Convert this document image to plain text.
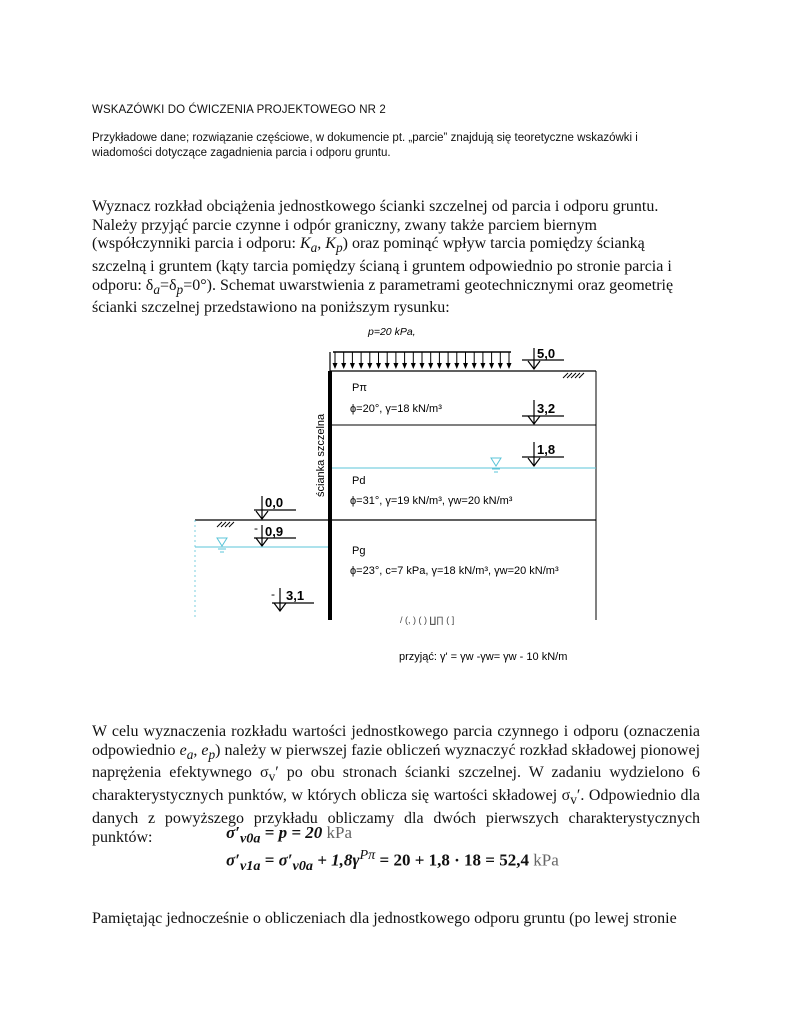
WSKAZÓWKI DO ĆWICZENIA PROJEKTOWEGO NR 2
Przykładowe dane; rozwiązanie częściowe, w dokumencie pt. „parcie” znajdują się teoretyczne wskazówki i wiadomości dotyczące zagadnienia parcia i odporu gruntu.
Wyznacz rozkład obciążenia jednostkowego ścianki szczelnej od parcia i odporu gruntu. Należy przyjąć parcie czynne i odpór graniczny, zwany także parciem biernym (współczynniki parcia i odporu: $K_a$, $K_p$) oraz pominąć wpływ tarcia pomiędzy ścianką szczelną i gruntem (kąty tarcia pomiędzy ścianą i gruntem odpowiednio po stronie parcia i odporu: $\delta_a=\delta_p=0^\circ$). Schemat uwarstwienia z parametrami geotechnicznymi oraz geometrię ścianki szczelnej przedstawiono na poniższym rysunku:
p=20 kPa,
5,0
Pπ
ϕ=20°, γ=18 kN/m³	3,2
1,8
Pd
ϕ=31°, γ=19 kN/m³, γw=20 kN/m³
0,0
- 0,9
Pg
ϕ=23°, c=7 kPa, γ=18 kN/m³, γw=20 kN/m³
- 3,1
ścianka szczelna
/ (, ) ( ) ∐∏ ( ]
przyjąć: γ' = γw -γw= γw - 10 kN/m
W celu wyznaczenia rozkładu wartości jednostkowego parcia czynnego i odporu (oznaczenia odpowiednio $e_a$, $e_p$) należy w pierwszej fazie obliczeń wyznaczyć rozkład składowej pionowej naprężenia efektywnego $\sigma_v'$ po obu stronach ścianki szczelnej. W zadaniu wydzielono 6 charakterystycznych punktów, w których oblicza się wartości składowej $\sigma_v'$. Odpowiednio dla danych z powyższego przykładu obliczamy dla dwóch pierwszych charakterystycznych punktów:	$\sigma'_{v0a} = p = 20$ kPa
$\sigma'_{v1a} = \sigma'_{v0a} + 1,8\gamma^{P\pi} = 20 + 1,8 \cdot 18 = 52,4$ kPa
Pamiętając jednocześnie o obliczeniach dla jednostkowego odporu gruntu (po lewej stronie
